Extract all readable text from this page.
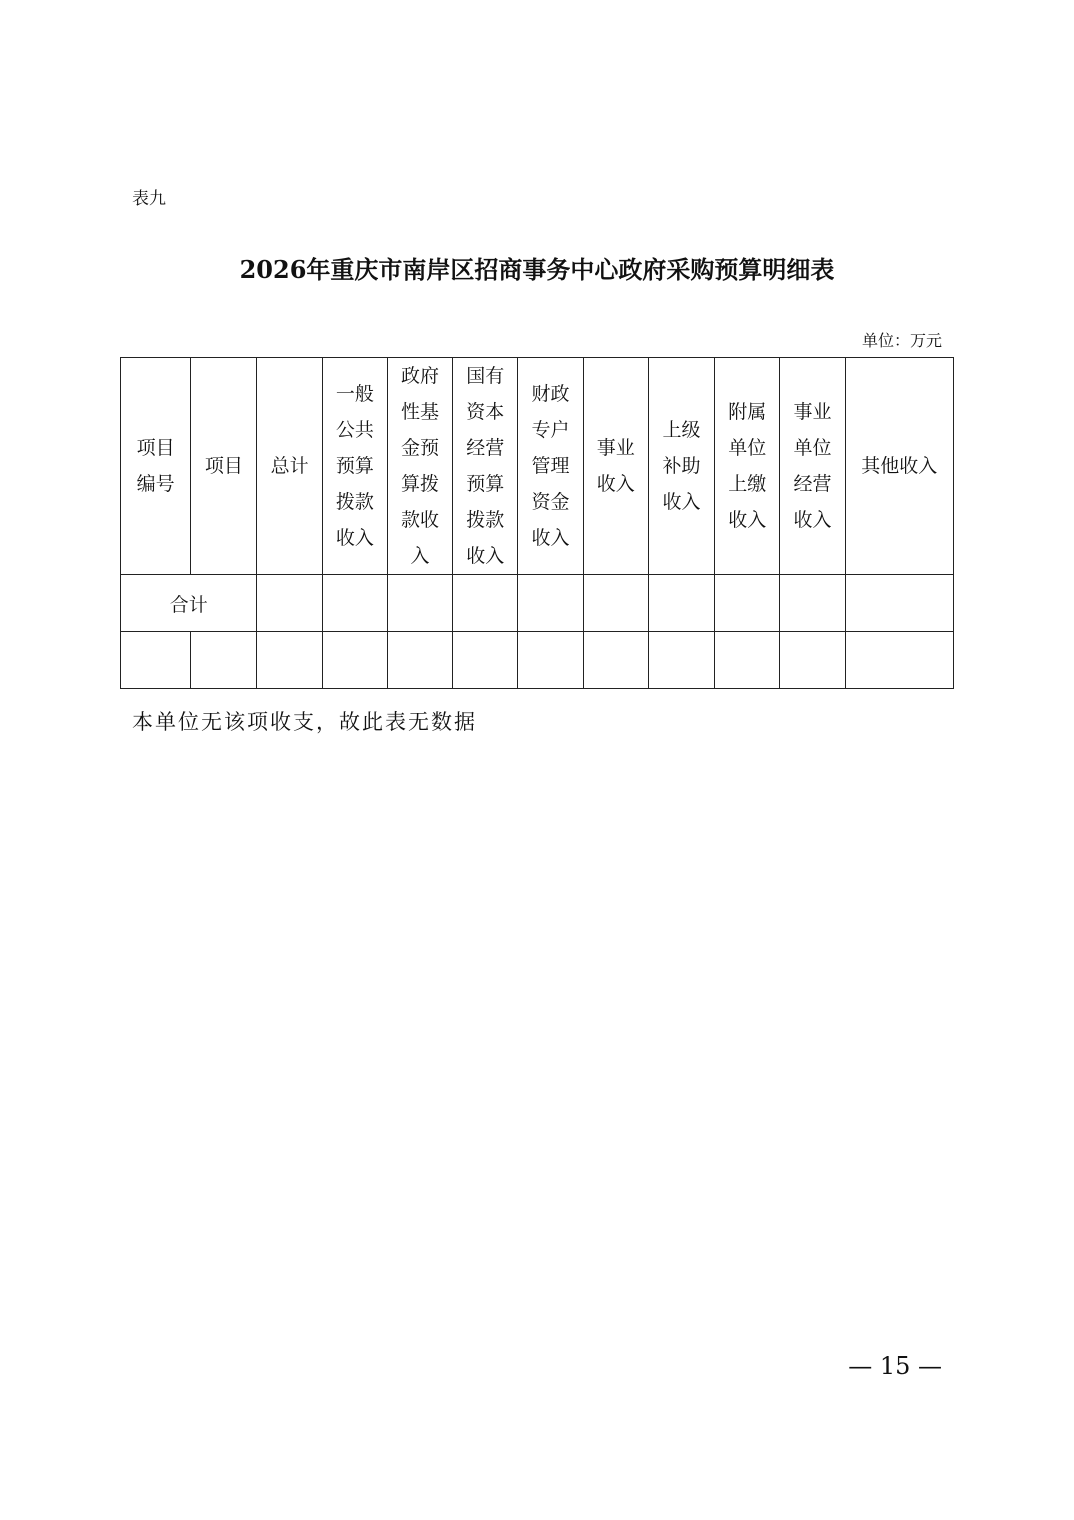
表九
2026年重庆市南岸区招商事务中心政府采购预算明细表
单位：万元
项目编号	项目	总计	一般公共预算拨款收入	政府性基金预算拨款收入	国有资本经营预算拨款收入	财政专户管理资金收入	事业收入	上级补助收入	附属单位上缴收入	事业单位经营收入	其他收入
合计											

本单位无该项收支，故此表无数据
— 15 —
